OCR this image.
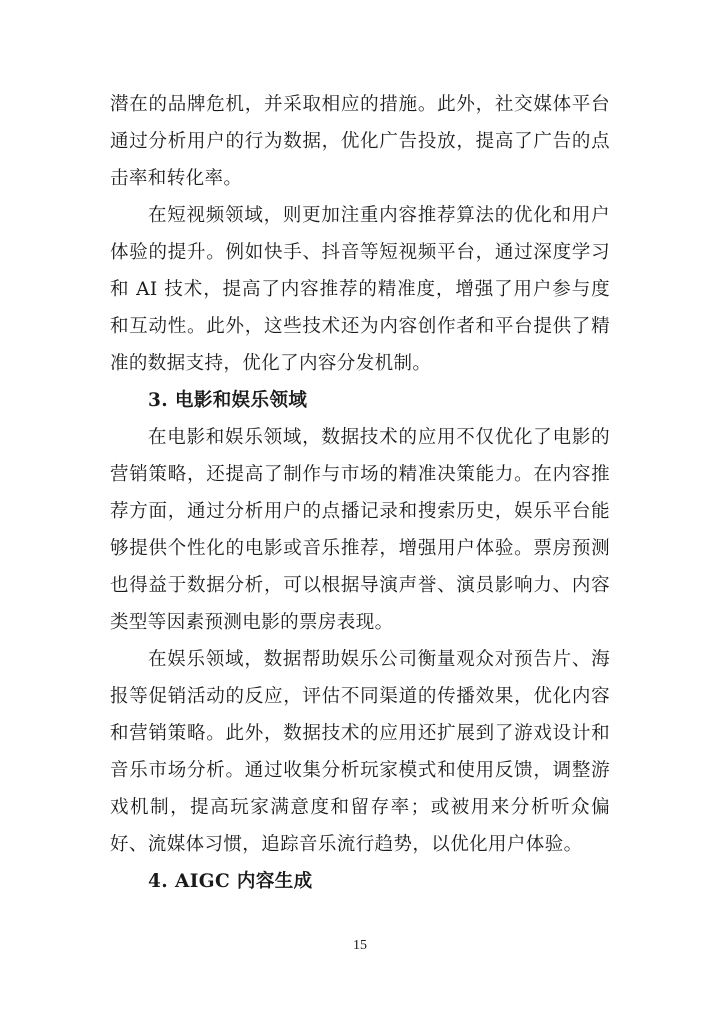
潜在的品牌危机，并采取相应的措施。此外，社交媒体平台通过分析用户的行为数据，优化广告投放，提高了广告的点击率和转化率。

在短视频领域，则更加注重内容推荐算法的优化和用户体验的提升。例如快手、抖音等短视频平台，通过深度学习和 AI 技术，提高了内容推荐的精准度，增强了用户参与度和互动性。此外，这些技术还为内容创作者和平台提供了精准的数据支持，优化了内容分发机制。

3. 电影和娱乐领域

在电影和娱乐领域，数据技术的应用不仅优化了电影的营销策略，还提高了制作与市场的精准决策能力。在内容推荐方面，通过分析用户的点播记录和搜索历史，娱乐平台能够提供个性化的电影或音乐推荐，增强用户体验。票房预测也得益于数据分析，可以根据导演声誉、演员影响力、内容类型等因素预测电影的票房表现。

在娱乐领域，数据帮助娱乐公司衡量观众对预告片、海报等促销活动的反应，评估不同渠道的传播效果，优化内容和营销策略。此外，数据技术的应用还扩展到了游戏设计和音乐市场分析。通过收集分析玩家模式和使用反馈，调整游戏机制，提高玩家满意度和留存率；或被用来分析听众偏好、流媒体习惯，追踪音乐流行趋势，以优化用户体验。

4. AIGC 内容生成

15
